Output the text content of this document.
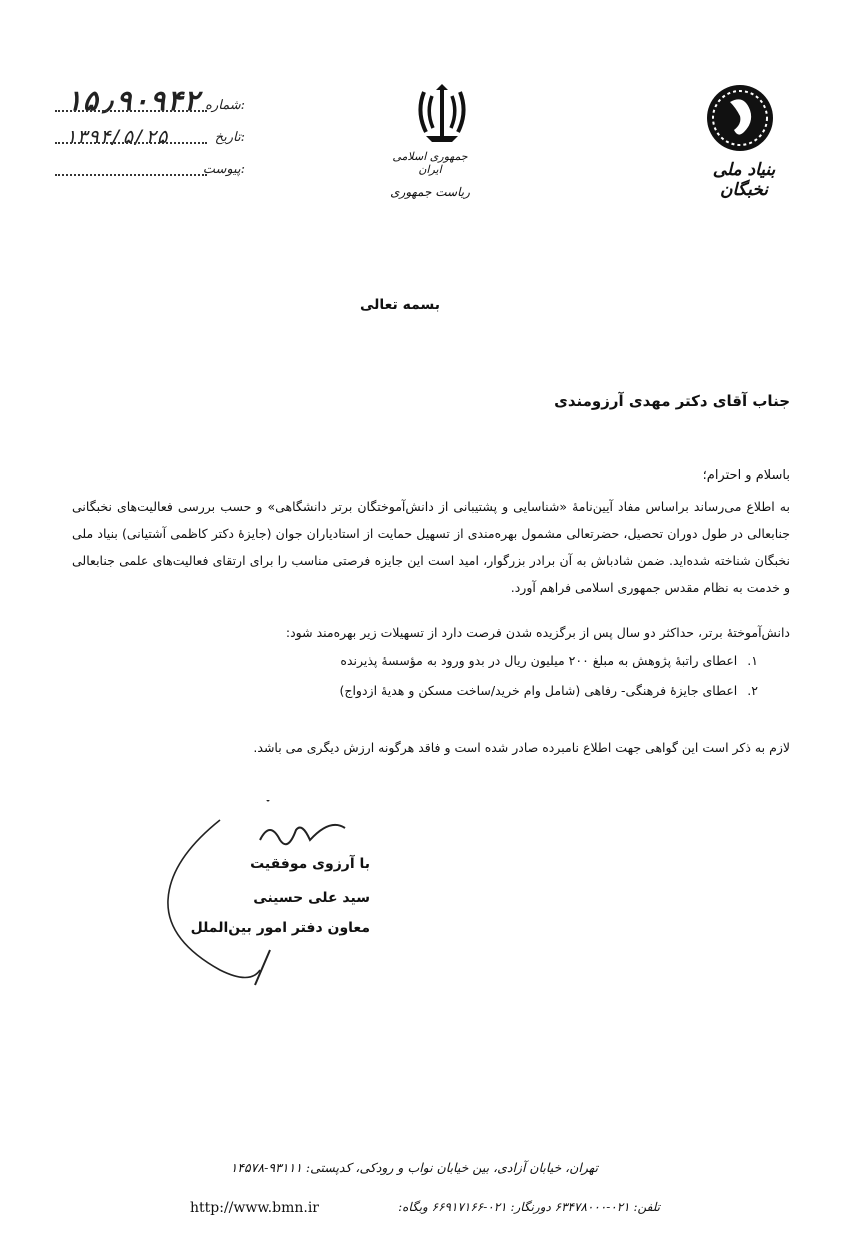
۱۵٫۹۰۹۴۲ شماره:
۱۳۹۴/۵/۲۵	تاریخ:
پیوست:
جمهوری اسلامی ایران
ریاست جمهوری
بنیاد ملی نخبگان
بسمه تعالی
جناب آقای دکتر مهدی آرزومندی
باسلام و احترام؛
به اطلاع می‌رساند براساس مفاد آیین‌نامهٔ «شناسایی و پشتیبانی از دانش‌آموختگان برتر دانشگاهی» و حسب بررسی فعالیت‌های نخبگانی جنابعالی در طول دوران تحصیل، حضرتعالی مشمول بهره‌مندی از تسهیل حمایت از استادیاران جوان (جایزهٔ دکتر کاظمی آشتیانی) بنیاد ملی نخبگان شناخته شده‌اید. ضمن شادباش به آن برادر بزرگوار، امید است این جایزه فرصتی مناسب را برای ارتقای فعالیت‌های علمی جنابعالی و خدمت به نظام مقدس جمهوری اسلامی فراهم آورد.
دانش‌آموختهٔ برتر، حداکثر دو سال پس از برگزیده شدن فرصت دارد از تسهیلات زیر بهره‌مند شود:
۱.اعطای راتبهٔ پژوهش به مبلغ ۲۰۰ میلیون ریال در بدو ورود به مؤسسهٔ پذیرنده
۲.اعطای جایزهٔ فرهنگی- رفاهی (شامل وام خرید/ساخت مسکن و هدیهٔ ازدواج)
لازم به ذکر است این گواهی جهت اطلاع نامبرده صادر شده است و فاقد هرگونه ارزش دیگری می باشد.
با آرزوی موفقیت
سید علی حسینی
معاون دفتر امور بین‌الملل
تهران، خیابان آزادی، بین خیابان نواب و رودکی، کدپستی: ۹۳۱۱۱-۱۴۵۷۸
تلفن: ۰۲۱-۶۳۴۷۸۰۰۰ دورنگار: ۰۲۱-۶۶۹۱۷۱۶۶ وبگاه:
http://www.bmn.ir
